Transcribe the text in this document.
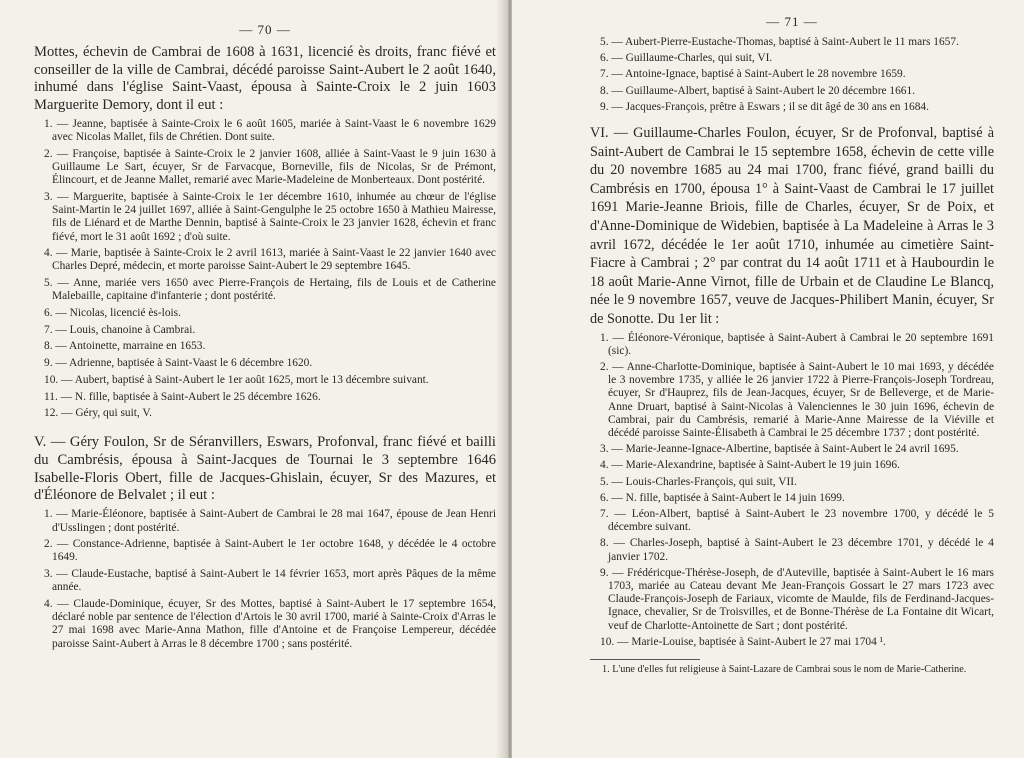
— 70 —

Mottes, échevin de Cambrai de 1608 à 1631, licencié ès droits, franc fiévé et conseiller de la ville de Cambrai, décédé paroisse Saint-Aubert le 2 août 1640, inhumé dans l'église Saint-Vaast, épousa à Sainte-Croix le 2 juin 1603 Marguerite Demory, dont il eut :

1. — Jeanne, baptisée à Sainte-Croix le 6 août 1605, mariée à Saint-Vaast le 6 novembre 1629 avec Nicolas Mallet, fils de Chrétien. Dont suite.

2. — Françoise, baptisée à Sainte-Croix le 2 janvier 1608, alliée à Saint-Vaast le 9 juin 1630 à Guillaume Le Sart, écuyer, Sr de Farvacque, Borneville, fils de Nicolas, Sr de Prémont, Élincourt, et de Jeanne Mallet, remarié avec Marie-Madeleine de Monberteaux. Dont postérité.

3. — Marguerite, baptisée à Sainte-Croix le 1er décembre 1610, inhumée au chœur de l'église Saint-Martin le 24 juillet 1697, alliée à Saint-Gengulphe le 25 octobre 1650 à Mathieu Mairesse, fils de Liénard et de Marthe Dennin, baptisé à Sainte-Croix le 23 janvier 1628, échevin et franc fiévé, mort le 31 août 1692 ; d'où suite.

4. — Marie, baptisée à Sainte-Croix le 2 avril 1613, mariée à Saint-Vaast le 22 janvier 1640 avec Charles Depré, médecin, et morte paroisse Saint-Aubert le 29 septembre 1645.

5. — Anne, mariée vers 1650 avec Pierre-François de Hertaing, fils de Louis et de Catherine Malebaille, capitaine d'infanterie ; dont postérité.

6. — Nicolas, licencié ès-lois.

7. — Louis, chanoine à Cambrai.

8. — Antoinette, marraine en 1653.

9. — Adrienne, baptisée à Saint-Vaast le 6 décembre 1620.

10. — Aubert, baptisé à Saint-Aubert le 1er août 1625, mort le 13 décembre suivant.

11. — N. fille, baptisée à Saint-Aubert le 25 décembre 1626.

12. — Géry, qui suit, V.

V. — Géry Foulon, Sr de Séranvillers, Eswars, Profonval, franc fiévé et bailli du Cambrésis, épousa à Saint-Jacques de Tournai le 3 septembre 1646 Isabelle-Floris Obert, fille de Jacques-Ghislain, écuyer, Sr des Mazures, et d'Éléonore de Belvalet ; il eut :

1. — Marie-Éléonore, baptisée à Saint-Aubert de Cambrai le 28 mai 1647, épouse de Jean Henri d'Usslingen ; dont postérité.

2. — Constance-Adrienne, baptisée à Saint-Aubert le 1er octobre 1648, y décédée le 4 octobre 1649.

3. — Claude-Eustache, baptisé à Saint-Aubert le 14 février 1653, mort après Pâques de la même année.

4. — Claude-Dominique, écuyer, Sr des Mottes, baptisé à Saint-Aubert le 17 septembre 1654, déclaré noble par sentence de l'élection d'Artois le 30 avril 1700, marié à Sainte-Croix d'Arras le 27 mai 1698 avec Marie-Anna Mathon, fille d'Antoine et de Françoise Lempereur, décédée paroisse Saint-Aubert à Arras le 8 décembre 1700 ; sans postérité.

— 71 —

5. — Aubert-Pierre-Eustache-Thomas, baptisé à Saint-Aubert le 11 mars 1657.

6. — Guillaume-Charles, qui suit, VI.

7. — Antoine-Ignace, baptisé à Saint-Aubert le 28 novembre 1659.

8. — Guillaume-Albert, baptisé à Saint-Aubert le 20 décembre 1661.

9. — Jacques-François, prêtre à Eswars ; il se dit âgé de 30 ans en 1684.

VI. — Guillaume-Charles Foulon, écuyer, Sr de Profonval, baptisé à Saint-Aubert de Cambrai le 15 septembre 1658, échevin de cette ville du 20 novembre 1685 au 24 mai 1700, franc fiévé, grand bailli du Cambrésis en 1700, épousa 1° à Saint-Vaast de Cambrai le 17 juillet 1691 Marie-Jeanne Briois, fille de Charles, écuyer, Sr de Poix, et d'Anne-Dominique de Widebien, baptisée à La Madeleine à Arras le 3 avril 1672, décédée le 1er août 1710, inhumée au cimetière Saint-Fiacre à Cambrai ; 2° par contrat du 14 août 1711 et à Haubourdin le 18 août Marie-Anne Virnot, fille de Urbain et de Claudine Le Blancq, née le 9 novembre 1657, veuve de Jacques-Philibert Manin, écuyer, Sr de Sonotte. Du 1er lit :

1. — Éléonore-Véronique, baptisée à Saint-Aubert à Cambrai le 20 septembre 1691 (sic).

2. — Anne-Charlotte-Dominique, baptisée à Saint-Aubert le 10 mai 1693, y décédée le 3 novembre 1735, y alliée le 26 janvier 1722 à Pierre-François-Joseph Tordreau, écuyer, Sr d'Hauprez, fils de Jean-Jacques, écuyer, Sr de Belleverge, et de Marie-Anne Druart, baptisé à Saint-Nicolas à Valenciennes le 30 juin 1696, échevin de Cambrai, pair du Cambrésis, remarié à Marie-Anne Mairesse de la Viéville et décédé paroisse Sainte-Élisabeth à Cambrai le 25 décembre 1737 ; dont postérité.

3. — Marie-Jeanne-Ignace-Albertine, baptisée à Saint-Aubert le 24 avril 1695.

4. — Marie-Alexandrine, baptisée à Saint-Aubert le 19 juin 1696.

5. — Louis-Charles-François, qui suit, VII.

6. — N. fille, baptisée à Saint-Aubert le 14 juin 1699.

7. — Léon-Albert, baptisé à Saint-Aubert le 23 novembre 1700, y décédé le 5 décembre suivant.

8. — Charles-Joseph, baptisé à Saint-Aubert le 23 décembre 1701, y décédé le 4 janvier 1702.

9. — Frédéricque-Thérèse-Joseph, de d'Auteville, baptisée à Saint-Aubert le 16 mars 1703, mariée au Cateau devant Me Jean-François Gossart le 27 mars 1723 avec Claude-François-Joseph de Fariaux, vicomte de Maulde, fils de Ferdinand-Jacques-Ignace, chevalier, Sr de Troisvilles, et de Bonne-Thérèse de La Fontaine dit Wicart, veuf de Charlotte-Antoinette de Sart ; dont postérité.

10. — Marie-Louise, baptisée à Saint-Aubert le 27 mai 1704 ¹.

1. L'une d'elles fut religieuse à Saint-Lazare de Cambrai sous le nom de Marie-Catherine.
